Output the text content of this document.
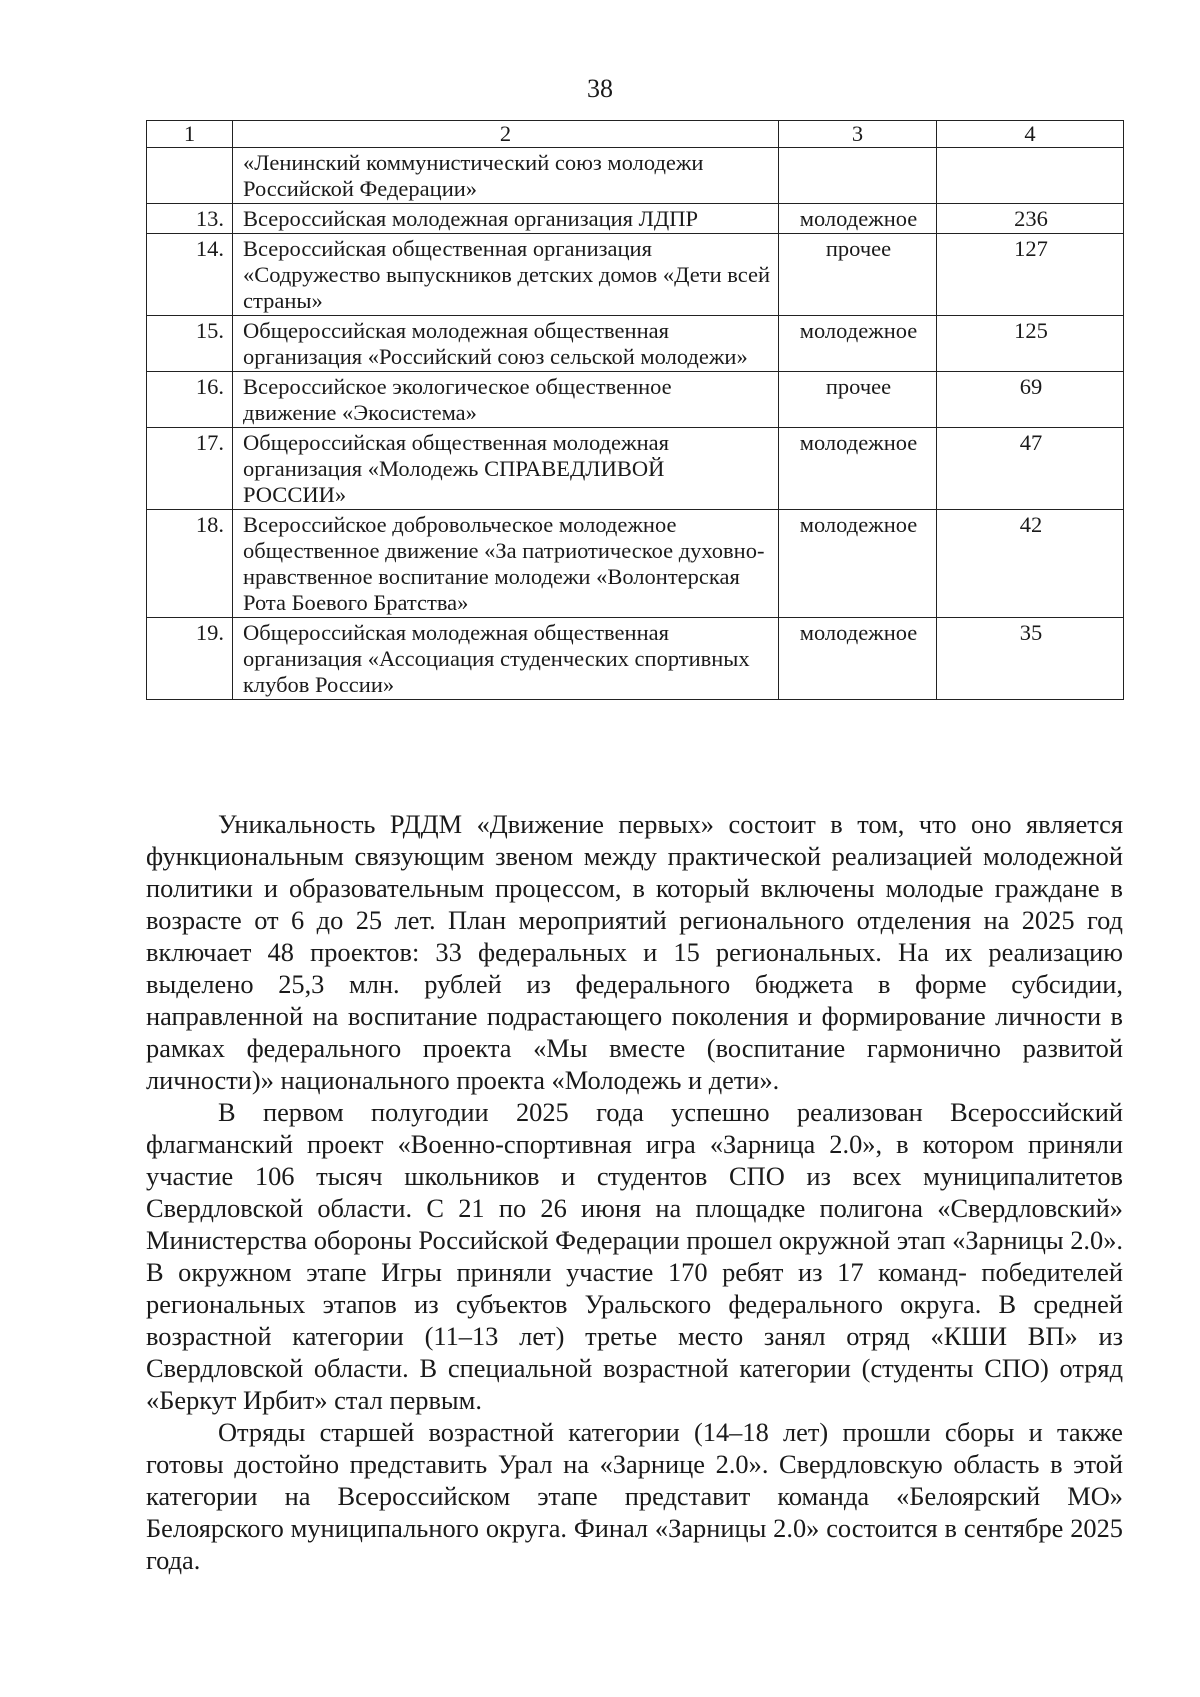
38
1	2	3	4
	«Ленинский коммунистический союз молодежи Российской Федерации»		
13.	Всероссийская молодежная организация ЛДПР	молодежное	236
14.	Всероссийская общественная организация «Содружество выпускников детских домов «Дети всей страны»	прочее	127
15.	Общероссийская молодежная общественная организация «Российский союз сельской молодежи»	молодежное	125
16.	Всероссийское экологическое общественное движение «Экосистема»	прочее	69
17.	Общероссийская общественная молодежная организация «Молодежь СПРАВЕДЛИВОЙ РОССИИ»	молодежное	47
18.	Всероссийское добровольческое молодежное общественное движение «За патриотическое духовно-нравственное воспитание молодежи «Волонтерская Рота Боевого Братства»	молодежное	42
19.	Общероссийская молодежная общественная организация «Ассоциация студенческих спортивных клубов России»	молодежное	35

Уникальность РДДМ «Движение первых» состоит в том, что оно является функциональным связующим звеном между практической реализацией молодежной политики и образовательным процессом, в который включены молодые граждане в возрасте от 6 до 25 лет. План мероприятий регионального отделения на 2025 год включает 48 проектов: 33 федеральных и 15 региональных. На их реализацию выделено 25,3 млн. рублей из федерального бюджета в форме субсидии, направленной на воспитание подрастающего поколения и формирование личности в рамках федерального проекта «Мы вместе (воспитание гармонично развитой личности)» национального проекта «Молодежь и дети».

В первом полугодии 2025 года успешно реализован Всероссийский флагманский проект «Военно-спортивная игра «Зарница 2.0», в котором приняли участие 106 тысяч школьников и студентов СПО из всех муниципалитетов Свердловской области. С 21 по 26 июня на площадке полигона «Свердловский» Министерства обороны Российской Федерации прошел окружной этап «Зарницы 2.0». В окружном этапе Игры приняли участие 170 ребят из 17 команд- победителей региональных этапов из субъектов Уральского федерального округа. В средней возрастной категории (11–13 лет) третье место занял отряд «КШИ ВП» из Свердловской области. В специальной возрастной категории (студенты СПО) отряд «Беркут Ирбит» стал первым.

Отряды старшей возрастной категории (14–18 лет) прошли сборы и также готовы достойно представить Урал на «Зарнице 2.0». Свердловскую область в этой категории на Всероссийском этапе представит команда «Белоярский МО» Белоярского муниципального округа. Финал «Зарницы 2.0» состоится в сентябре 2025 года.
